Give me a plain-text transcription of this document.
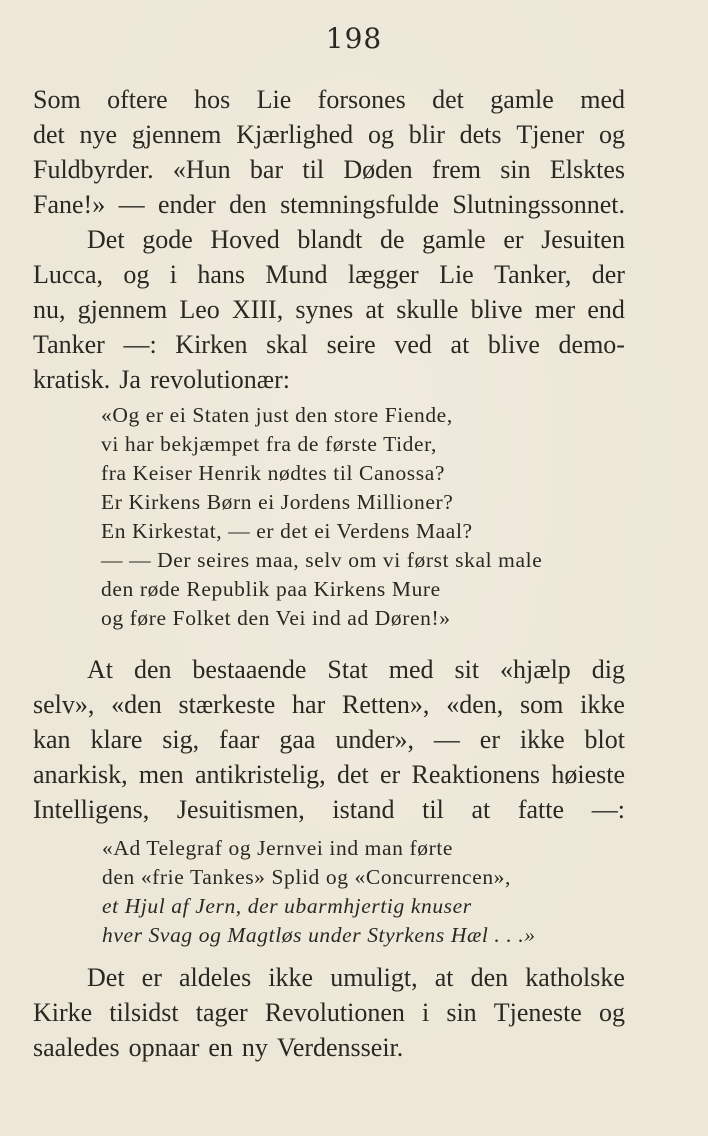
198
Som oftere hos Lie forsones det gamle med
det nye gjennem Kjærlighed og blir dets Tjener og
Fuldbyrder. «Hun bar til Døden frem sin Elsktes
Fane!» — ender den stemningsfulde Slutningssonnet.
Det gode Hoved blandt de gamle er Jesuiten
Lucca, og i hans Mund lægger Lie Tanker, der
nu, gjennem Leo XIII, synes at skulle blive mer end
Tanker —: Kirken skal seire ved at blive demo-
kratisk. Ja revolutionær:
«Og er ei Staten just den store Fiende,
vi har bekjæmpet fra de første Tider,
fra Keiser Henrik nødtes til Canossa?
Er Kirkens Børn ei Jordens Millioner?
En Kirkestat, — er det ei Verdens Maal?
— — Der seires maa, selv om vi først skal male
den røde Republik paa Kirkens Mure
og føre Folket den Vei ind ad Døren!»
At den bestaaende Stat med sit «hjælp dig
selv», «den stærkeste har Retten», «den, som ikke
kan klare sig, faar gaa under», — er ikke blot
anarkisk, men antikristelig, det er Reaktionens høieste
Intelligens, Jesuitismen, istand til at fatte —:
«Ad Telegraf og Jernvei ind man førte
den «frie Tankes» Splid og «Concurrencen»,
et Hjul af Jern, der ubarmhjertig knuser
hver Svag og Magtløs under Styrkens Hæl . . .»
Det er aldeles ikke umuligt, at den katholske
Kirke tilsidst tager Revolutionen i sin Tjeneste og
saaledes opnaar en ny Verdensseir.
